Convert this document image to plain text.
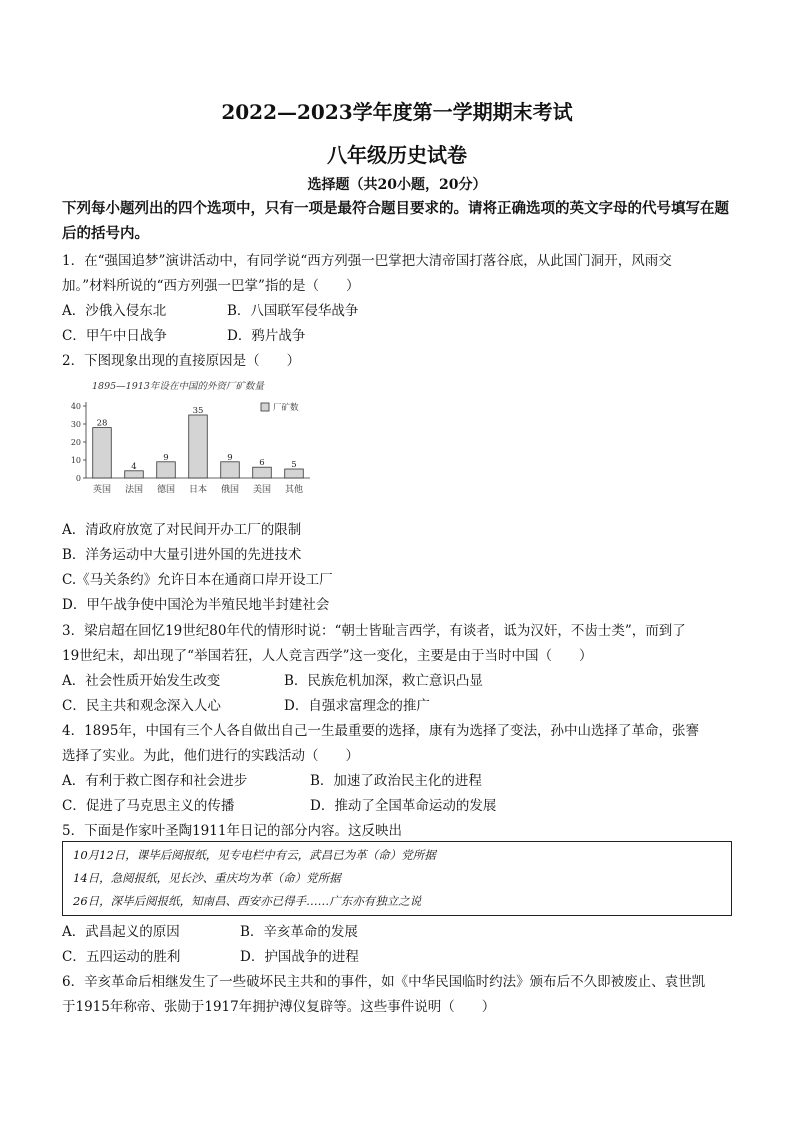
2022—2023学年度第一学期期末考试
八年级历史试卷
选择题（共20小题，20分）
下列每小题列出的四个选项中，只有一项是最符合题目要求的。请将正确选项的英文字母的代号填写在题后的括号内。
1．在“强国追梦”演讲活动中，有同学说“西方列强一巴掌把大清帝国打落谷底，从此国门洞开，风雨交
加。”材料所说的“西方列强一巴掌”指的是（　　）
A．沙俄入侵东北	B．八国联军侵华战争
C．甲午中日战争	D．鸦片战争
2．下图现象出现的直接原因是（　　）
1895—1913年设在中国的外资厂矿数量
厂矿数
40
30
20
10
0
28
4
9
35
9
6	5
英国 法国 德国 日本 俄国 美国 其他
A．清政府放宽了对民间开办工厂的限制
B．洋务运动中大量引进外国的先进技术
C.《马关条约》允许日本在通商口岸开设工厂
D．甲午战争使中国沦为半殖民地半封建社会
3．梁启超在回忆19世纪80年代的情形时说：“朝士皆耻言西学，有谈者，诋为汉奸，不齿士类”，而到了
19世纪末，却出现了“举国若狂，人人竞言西学”这一变化，主要是由于当时中国（　　）
A．社会性质开始发生改变	B．民族危机加深，救亡意识凸显
C．民主共和观念深入人心	D．自强求富理念的推广
4．1895年，中国有三个人各自做出自己一生最重要的选择，康有为选择了变法，孙中山选择了革命，张謇
选择了实业。为此，他们进行的实践活动（　　）
A．有利于救亡图存和社会进步	B．加速了政治民主化的进程
C．促进了马克思主义的传播	D．推动了全国革命运动的发展
5．下面是作家叶圣陶1911年日记的部分内容。这反映出
10月12日，课毕后阅报纸，见专电栏中有云，武昌已为革（命）党所据
14日，急阅报纸，见长沙、重庆均为革（命）党所据
26日，深毕后阅报纸，知南昌、西安亦已得手……广东亦有独立之说
A．武昌起义的原因	B．辛亥革命的发展
C．五四运动的胜利	D．护国战争的进程
6．辛亥革命后相继发生了一些破坏民主共和的事件，如《中华民国临时约法》颁布后不久即被废止、袁世凯
于1915年称帝、张勋于1917年拥护溥仪复辟等。这些事件说明（　　）
